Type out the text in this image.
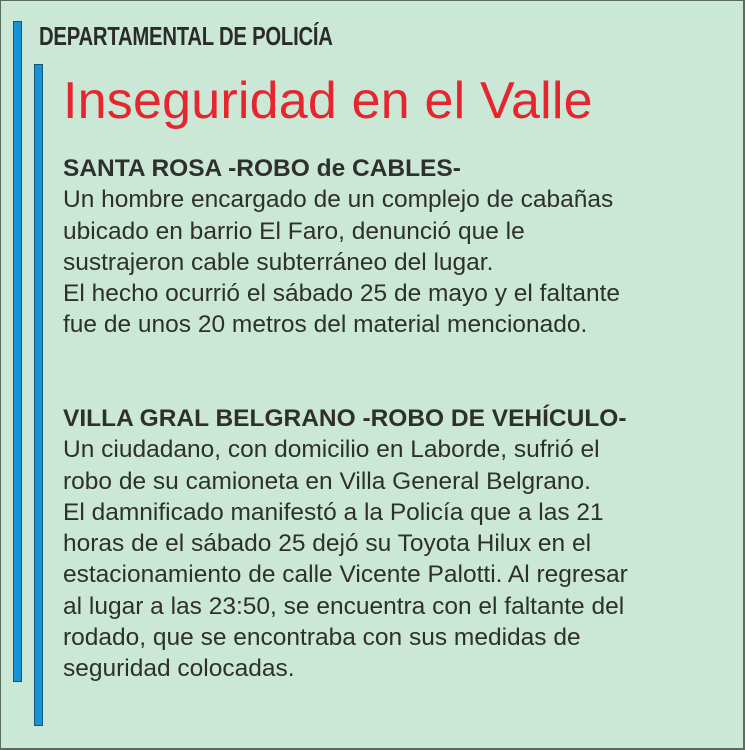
DEPARTAMENTAL DE POLICÍA
Inseguridad en el Valle
SANTA ROSA -ROBO de CABLES-
Un hombre encargado de un complejo de cabañas
ubicado en barrio El Faro, denunció que le
sustrajeron cable subterráneo del lugar.
El hecho ocurrió el sábado 25 de mayo y el faltante
fue de unos 20 metros del material mencionado.
VILLA GRAL BELGRANO -ROBO DE VEHÍCULO-
Un ciudadano, con domicilio en Laborde, sufrió el
robo de su camioneta en Villa General Belgrano.
El damnificado manifestó a la Policía que a las 21
horas de el sábado 25 dejó su Toyota Hilux en el
estacionamiento de calle Vicente Palotti. Al regresar
al lugar a las 23:50, se encuentra con el faltante del
rodado, que se encontraba con sus medidas de
seguridad colocadas.
